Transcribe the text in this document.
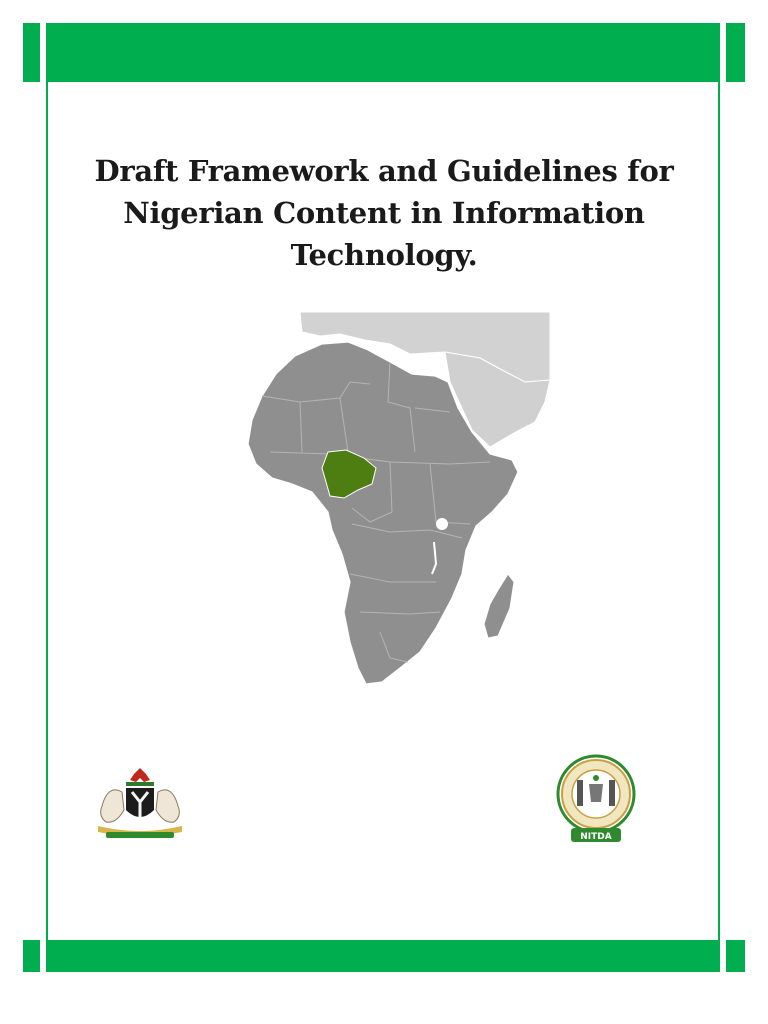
Draft Framework and Guidelines for
Nigerian Content in Information
Technology.
NITDA
